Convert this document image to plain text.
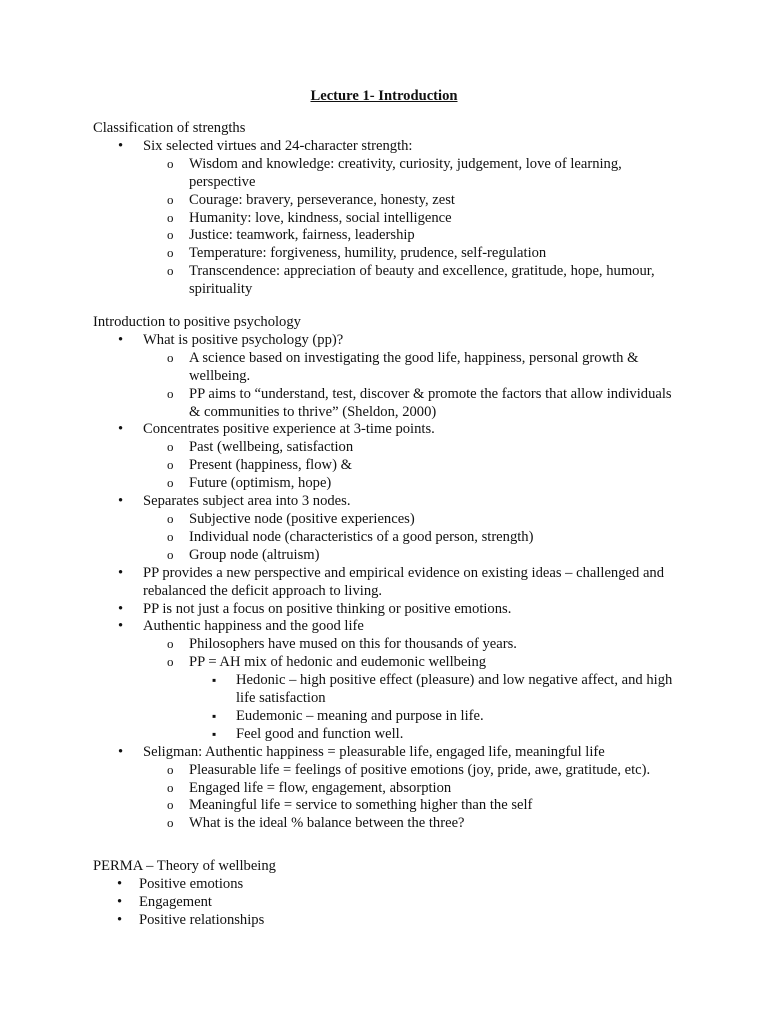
Lecture 1- Introduction

Classification of strengths

• Six selected virtues and 24-character strength:
o Wisdom and knowledge: creativity, curiosity, judgement, love of learning, perspective
o Courage: bravery, perseverance, honesty, zest
o Humanity: love, kindness, social intelligence
o Justice: teamwork, fairness, leadership
o Temperature: forgiveness, humility, prudence, self-regulation
o Transcendence: appreciation of beauty and excellence, gratitude, hope, humour, spirituality

Introduction to positive psychology

• What is positive psychology (pp)?
o A science based on investigating the good life, happiness, personal growth & wellbeing.
o PP aims to “understand, test, discover & promote the factors that allow individuals & communities to thrive” (Sheldon, 2000)
• Concentrates positive experience at 3-time points.
o Past (wellbeing, satisfaction
o Present (happiness, flow) &
o Future (optimism, hope)
• Separates subject area into 3 nodes.
o Subjective node (positive experiences)
o Individual node (characteristics of a good person, strength)
o Group node (altruism)
• PP provides a new perspective and empirical evidence on existing ideas – challenged and rebalanced the deficit approach to living.
• PP is not just a focus on positive thinking or positive emotions.
• Authentic happiness and the good life
o Philosophers have mused on this for thousands of years.
o PP = AH mix of hedonic and eudemonic wellbeing
▪ Hedonic – high positive effect (pleasure) and low negative affect, and high life satisfaction
▪ Eudemonic – meaning and purpose in life.
▪ Feel good and function well.
• Seligman: Authentic happiness = pleasurable life, engaged life, meaningful life
o Pleasurable life = feelings of positive emotions (joy, pride, awe, gratitude, etc).
o Engaged life = flow, engagement, absorption
o Meaningful life = service to something higher than the self
o What is the ideal % balance between the three?

PERMA – Theory of wellbeing

• Positive emotions
• Engagement
• Positive relationships
